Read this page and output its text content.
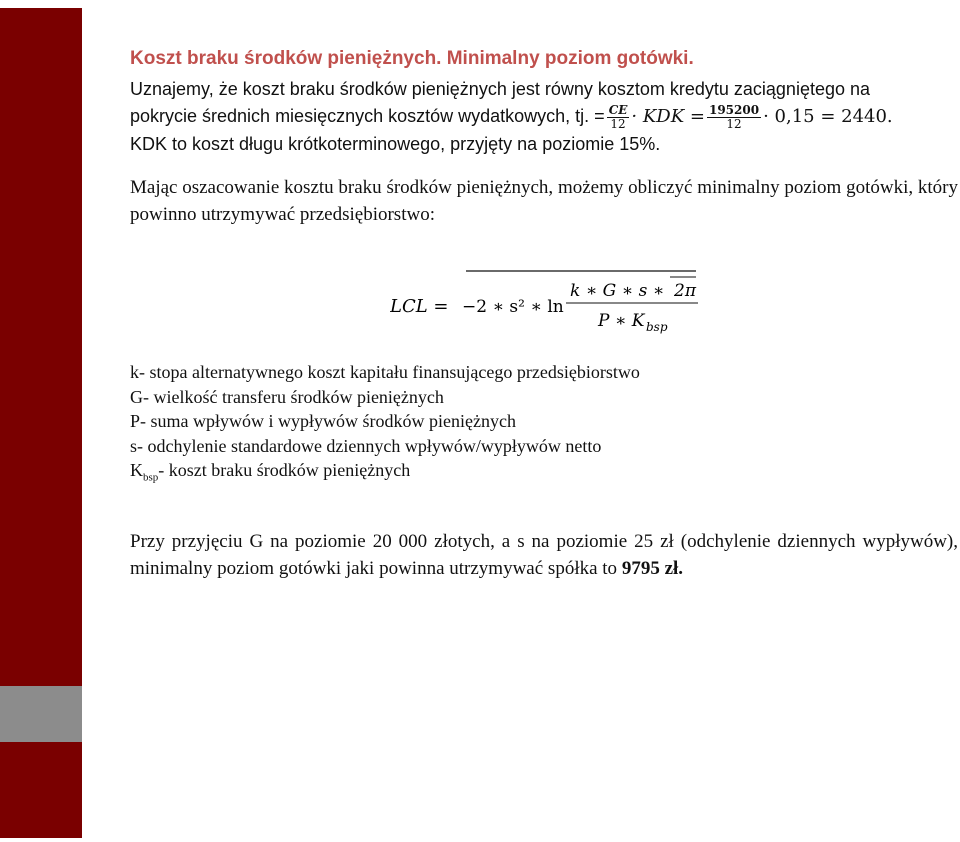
Koszt braku środków pieniężnych. Minimalny poziom gotówki.

Uznajemy, że koszt braku środków pieniężnych jest równy kosztom kredytu zaciągniętego na

pokrycie średnich miesięcznych kosztów wydatkowych, tj. = $\frac{CE}{12}$ · KDK = $\frac{195200}{12} \cdot 0,15 = 2440$.

KDK to koszt długu krótkoterminowego, przyjęty na poziomie 15%.

Mając oszacowanie kosztu braku środków pieniężnych, możemy obliczyć minimalny poziom gotówki, który powinno utrzymywać przedsiębiorstwo:

LCL = −2 ∗ s² ∗ ln
k ∗ G ∗ s ∗ 2π
P ∗ K bsp
k- stopa alternatywnego koszt kapitału finansującego przedsiębiorstwo
G- wielkość transferu środków pieniężnych
P- suma wpływów i wypływów środków pieniężnych
s- odchylenie standardowe dziennych wpływów/wypływów netto
$K_{bsp}-$ koszt braku środków pieniężnych

Przy przyjęciu G na poziomie 20 000 złotych, a s na poziomie 25 zł (odchylenie dziennych wypływów), minimalny poziom gotówki jaki powinna utrzymywać spółka to 9795 zł.
